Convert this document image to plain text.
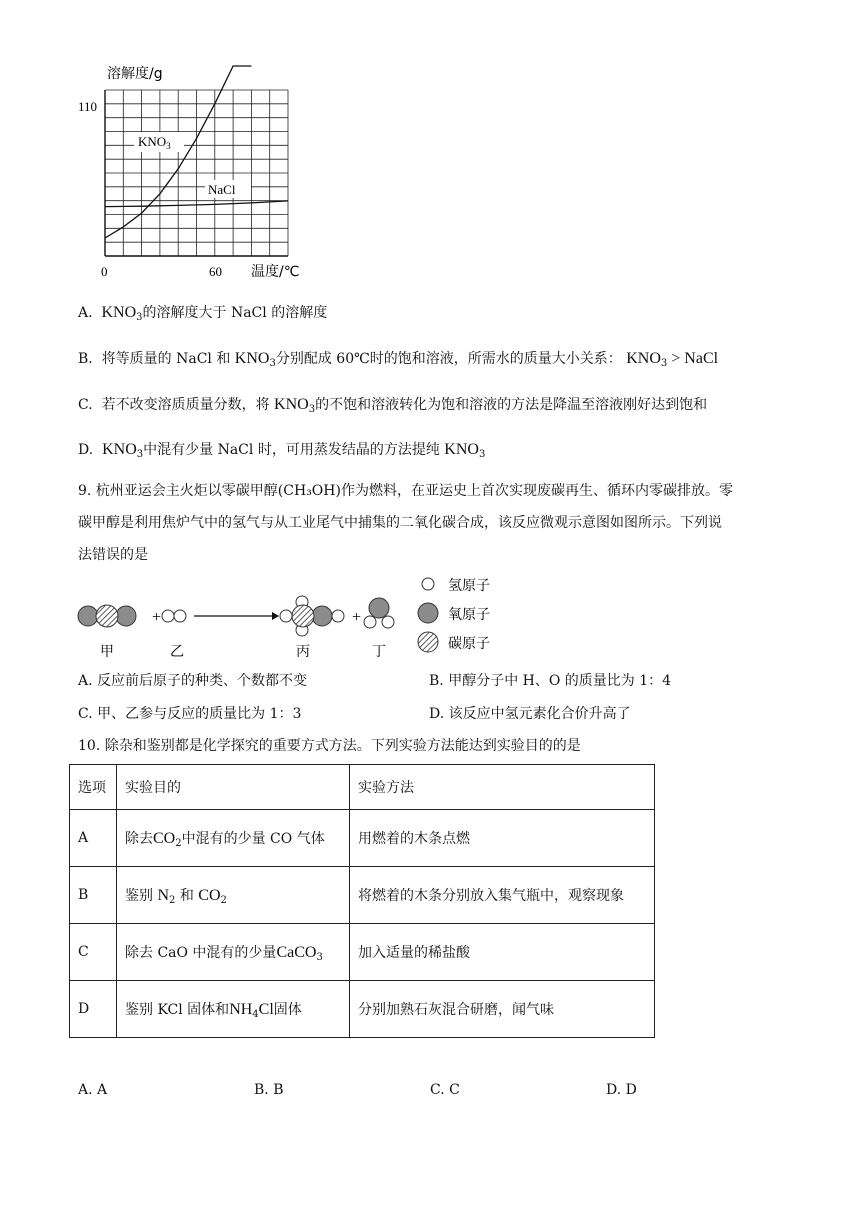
$KNO_3$
NaCl
溶解度/g
110
0	60 温度/℃
A. $KNO_3$的溶解度大于 NaCl 的溶解度
B. 将等质量的 NaCl 和 $KNO_3$分别配成 60℃时的饱和溶液，所需水的质量大小关系： $KNO_3$ > NaCl
C. 若不改变溶质质量分数，将 $KNO_3$的不饱和溶液转化为饱和溶液的方法是降温至溶液刚好达到饱和
D. $KNO_3$中混有少量 NaCl 时，可用蒸发结晶的方法提纯 $KNO_3$
9. 杭州亚运会主火炬以零碳甲醇(CH₃OH)作为燃料，在亚运史上首次实现废碳再生、循环内零碳排放。零
碳甲醇是利用焦炉气中的氢气与从工业尾气中捕集的二氧化碳合成，该反应微观示意图如图所示。下列说
法错误的是
+	+
甲	乙	丙	丁
氢原子
氧原子
碳原子
A. 反应前后原子的种类、个数都不变	B. 甲醇分子中 H、O 的质量比为 1：4
C. 甲、乙参与反应的质量比为 1：3	D. 该反应中氢元素化合价升高了
10. 除杂和鉴别都是化学探究的重要方式方法。下列实验方法能达到实验目的的是
选项	实验目的	实验方法
A	除去$CO_2$中混有的少量 CO 气体	用燃着的木条点燃
B	鉴别 $N_2$ 和 $CO_2$	将燃着的木条分别放入集气瓶中，观察现象
C	除去 CaO 中混有的少量CaCO$_3$	加入适量的稀盐酸
D	鉴别 KCl 固体和$NH_4Cl$固体	分别加熟石灰混合研磨，闻气味
A. A	B. B	C. C	D. D
